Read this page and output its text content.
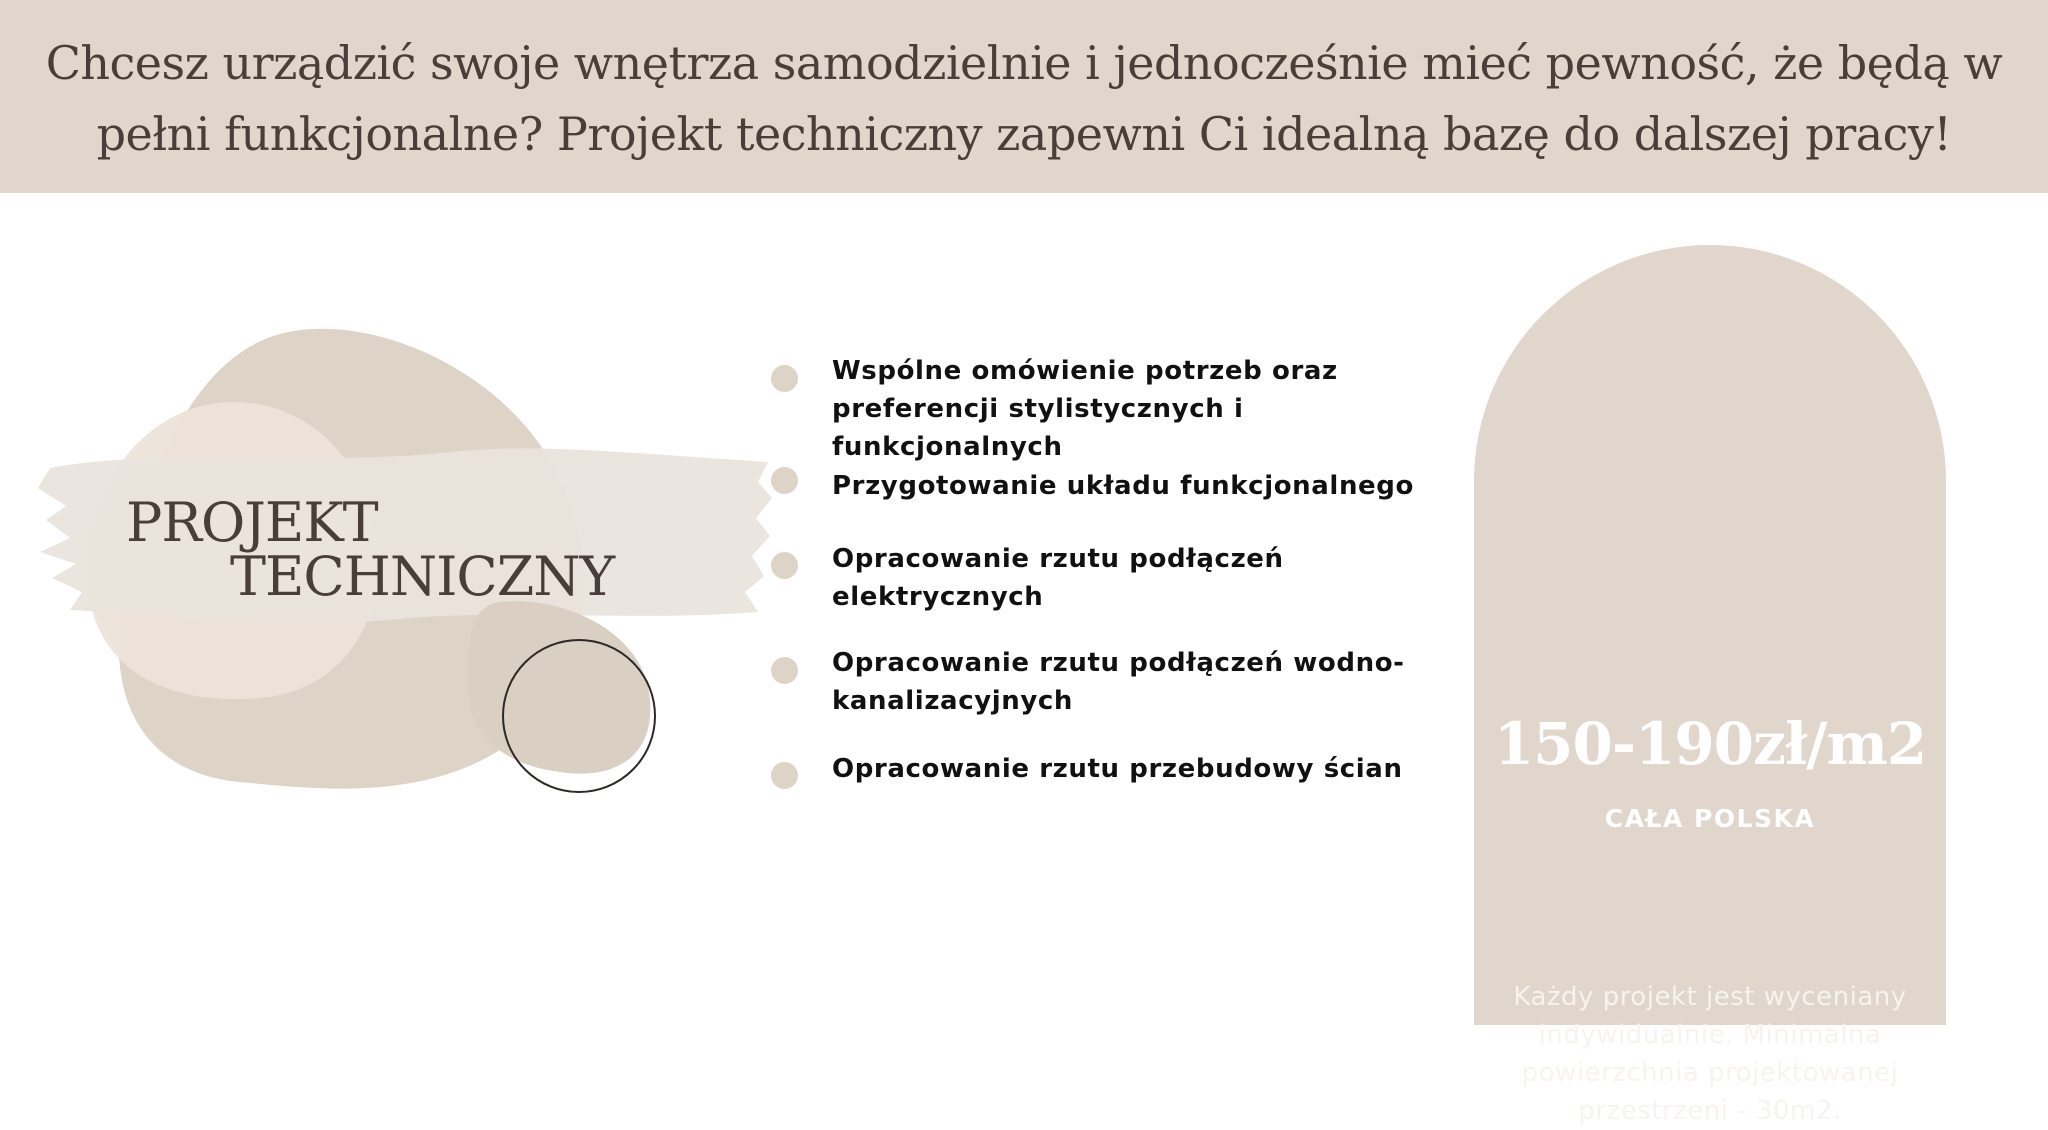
Chcesz urządzić swoje wnętrza samodzielnie i jednocześnie mieć pewność, że będą w pełni funkcjonalne? Projekt techniczny zapewni Ci idealną bazę do dalszej pracy!

PROJEKT
TECHNICZNY
Wspólne omówienie potrzeb oraz preferencji stylistycznych i funkcjonalnych
Przygotowanie układu funkcjonalnego
Opracowanie rzutu podłączeń elektrycznych
Opracowanie rzutu podłączeń wodno-kanalizacyjnych
Opracowanie rzutu przebudowy ścian	150-190zł/m2
CAŁA POLSKA
Każdy projekt jest wyceniany indywidualnie. Minimalna powierzchnia projektowanej przestrzeni - 30m2.
